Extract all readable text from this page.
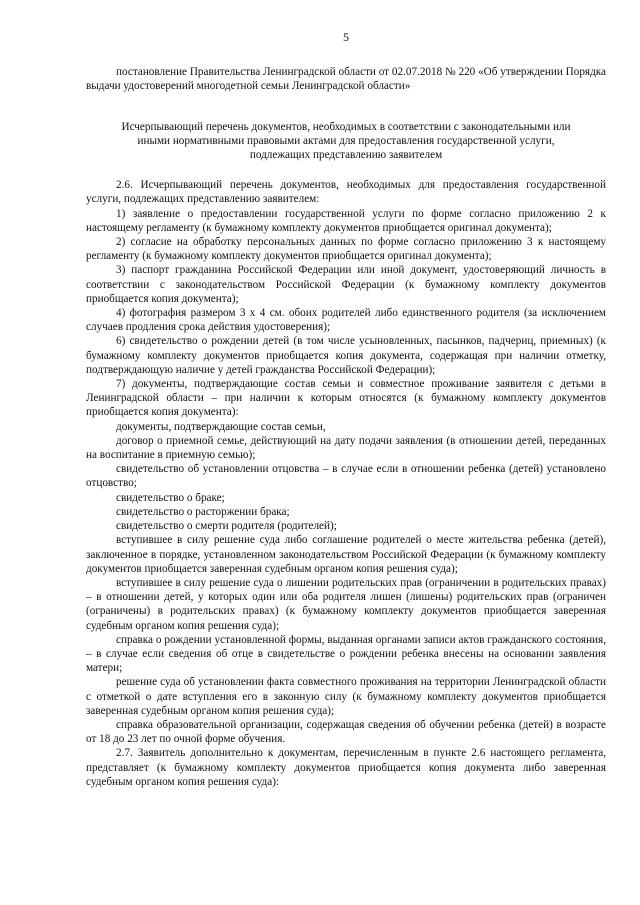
5
постановление Правительства Ленинградской области от 02.07.2018 № 220 «Об утверждении Порядка выдачи удостоверений многодетной семьи Ленинградской области»
Исчерпывающий перечень документов, необходимых в соответствии с законодательными или иными нормативными правовыми актами для предоставления государственной услуги, подлежащих представлению заявителем
2.6. Исчерпывающий перечень документов, необходимых для предоставления государственной услуги, подлежащих представлению заявителем:
1) заявление о предоставлении государственной услуги по форме согласно приложению 2 к настоящему регламенту (к бумажному комплекту документов приобщается оригинал документа);
2) согласие на обработку персональных данных по форме согласно приложению 3 к настоящему регламенту (к бумажному комплекту документов приобщается оригинал документа);
3) паспорт гражданина Российской Федерации или иной документ, удостоверяющий личность в соответствии с законодательством Российской Федерации (к бумажному комплекту документов приобщается копия документа);
4) фотография размером 3 х 4 см. обоих родителей либо единственного родителя (за исключением случаев продления срока действия удостоверения);
6) свидетельство о рождении детей (в том числе усыновленных, пасынков, падчериц, приемных) (к бумажному комплекту документов приобщается копия документа, содержащая при наличии отметку, подтверждающую наличие у детей гражданства Российской Федерации);
7) документы, подтверждающие состав семьи и совместное проживание заявителя с детьми в Ленинградской области – при наличии к которым относятся (к бумажному комплекту документов приобщается копия документа):
документы, подтверждающие состав семьи,
договор о приемной семье, действующий на дату подачи заявления (в отношении детей, переданных на воспитание в приемную семью);
свидетельство об установлении отцовства – в случае если в отношении ребенка (детей) установлено отцовство;
свидетельство о браке;
свидетельство о расторжении брака;
свидетельство о смерти родителя (родителей);
вступившее в силу решение суда либо соглашение родителей о месте жительства ребенка (детей), заключенное в порядке, установленном законодательством Российской Федерации (к бумажному комплекту документов приобщается заверенная судебным органом копия решения суда);
вступившее в силу решение суда о лишении родительских прав (ограничении в родительских правах) – в отношении детей, у которых один или оба родителя лишен (лишены) родительских прав (ограничен (ограничены) в родительских правах) (к бумажному комплекту документов приобщается заверенная судебным органом копия решения суда);
справка о рождении установленной формы, выданная органами записи актов гражданского состояния, – в случае если сведения об отце в свидетельстве о рождении ребенка внесены на основании заявления матери;
решение суда об установлении факта совместного проживания на территории Ленинградской области с отметкой о дате вступления его в законную силу (к бумажному комплекту документов приобщается заверенная судебным органом копия решения суда);
справка образовательной организации, содержащая сведения об обучении ребенка (детей) в возрасте от 18 до 23 лет по очной форме обучения.
2.7. Заявитель дополнительно к документам, перечисленным в пункте 2.6 настоящего регламента, представляет (к бумажному комплекту документов приобщается копия документа либо заверенная судебным органом копия решения суда):
